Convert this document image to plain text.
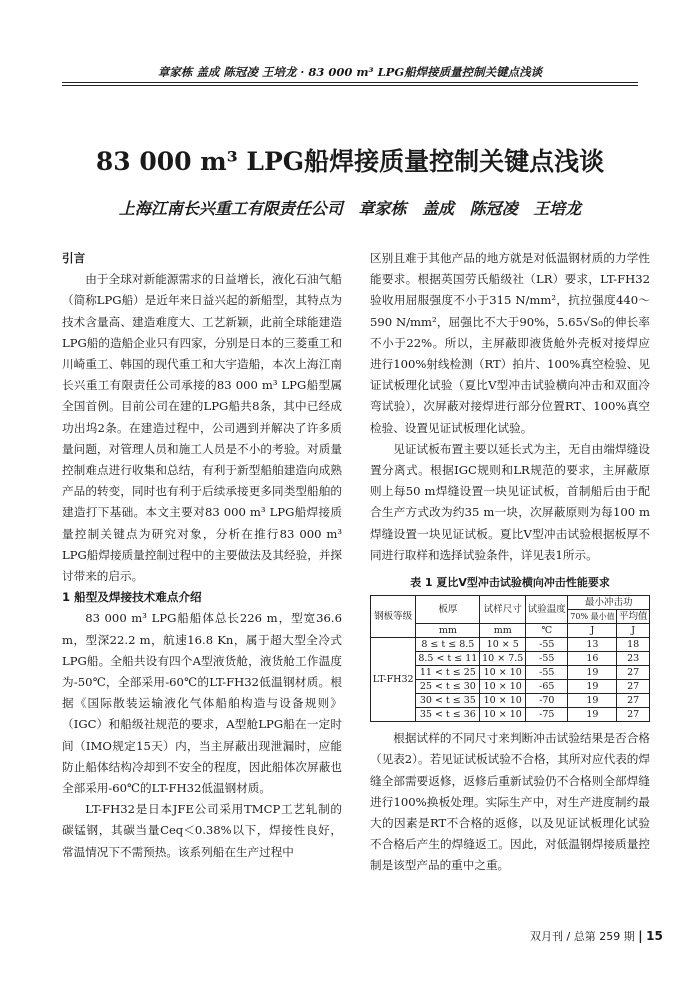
章家栋 盖成 陈冠凌 王培龙 · 83 000 m³ LPG船焊接质量控制关键点浅谈
83 000 m³ LPG船焊接质量控制关键点浅谈
上海江南长兴重工有限责任公司 章家栋 盖成 陈冠凌 王培龙
引言

由于全球对新能源需求的日益增长，液化石油气船（简称LPG船）是近年来日益兴起的新船型，其特点为技术含量高、建造难度大、工艺新颖，此前全球能建造LPG船的造船企业只有四家，分别是日本的三菱重工和川崎重工、韩国的现代重工和大宇造船，本次上海江南长兴重工有限责任公司承接的83 000 m³ LPG船型属全国首例。目前公司在建的LPG船共8条，其中已经成功出坞2条。在建造过程中，公司遇到并解决了许多质量问题，对管理人员和施工人员是不小的考验。对质量控制难点进行收集和总结，有利于新型船舶建造向成熟产品的转变，同时也有利于后续承接更多同类型船舶的建造打下基础。本文主要对83 000 m³ LPG船焊接质量控制关键点为研究对象，分析在推行83 000 m³ LPG船焊接质量控制过程中的主要做法及其经验，并探讨带来的启示。

1 船型及焊接技术难点介绍

83 000 m³ LPG船船体总长226 m，型宽36.6 m，型深22.2 m，航速16.8 Kn，属于超大型全冷式LPG船。全船共设有四个A型液货舱，液货舱工作温度为-50℃，全部采用-60℃的LT-FH32低温钢材质。根据《国际散装运输液化气体船舶构造与设备规则》（IGC）和船级社规范的要求，A型舱LPG船在一定时间（IMO规定15天）内，当主屏蔽出现泄漏时，应能防止船体结构冷却到不安全的程度，因此船体次屏蔽也全部采用-60℃的LT-FH32低温钢材质。

LT-FH32是日本JFE公司采用TMCP工艺轧制的碳锰钢，其碳当量Ceq＜0.38%以下，焊接性良好，常温情况下不需预热。该系列船在生产过程中

区别且难于其他产品的地方就是对低温钢材质的力学性能要求。根据英国劳氏船级社（LR）要求，LT-FH32验收用屈服强度不小于315 N/mm²，抗拉强度440～590 N/mm²，屈强比不大于90%，5.65√S₀的伸长率不小于22%。所以，主屏蔽即液货舱外壳板对接焊应进行100%射线检测（RT）拍片、100%真空检验、见证试板理化试验（夏比V型冲击试验横向冲击和双面冷弯试验），次屏蔽对接焊进行部分位置RT、100%真空检验、设置见证试板理化试验。

见证试板布置主要以延长式为主，无自由端焊缝设置分离式。根据IGC规则和LR规范的要求，主屏蔽原则上每50 m焊缝设置一块见证试板，首制船后由于配合生产方式改为约35 m一块，次屏蔽原则为每100 m焊缝设置一块见证试板。夏比V型冲击试验根据板厚不同进行取样和选择试验条件，详见表1所示。

表 1 夏比V型冲击试验横向冲击性能要求
钢板等级	板厚	试样尺寸	试验温度	最小冲击功	
				70% 最小值	平均值
	mm	mm	℃	J	J
LT-FH32	8 ≤ t ≤ 8.5	10 × 5	-55	13	18
	8.5 < t ≤ 11	10 × 7.5	-55	16	23
	11 < t ≤ 25	10 × 10	-55	19	27
	25 < t ≤ 30	10 × 10	-65	19	27
	30 < t ≤ 35	10 × 10	-70	19	27
	35 < t ≤ 36	10 × 10	-75	19	27

根据试样的不同尺寸来判断冲击试验结果是否合格（见表2）。若见证试板试验不合格，其所对应代表的焊缝全部需要返修，返修后重新试验仍不合格则全部焊缝进行100%换板处理。实际生产中，对生产进度制约最大的因素是RT不合格的返修，以及见证试板理化试验不合格后产生的焊缝返工。因此，对低温钢焊接质量控制是该型产品的重中之重。

双月刊 / 总第 259 期 | 15
